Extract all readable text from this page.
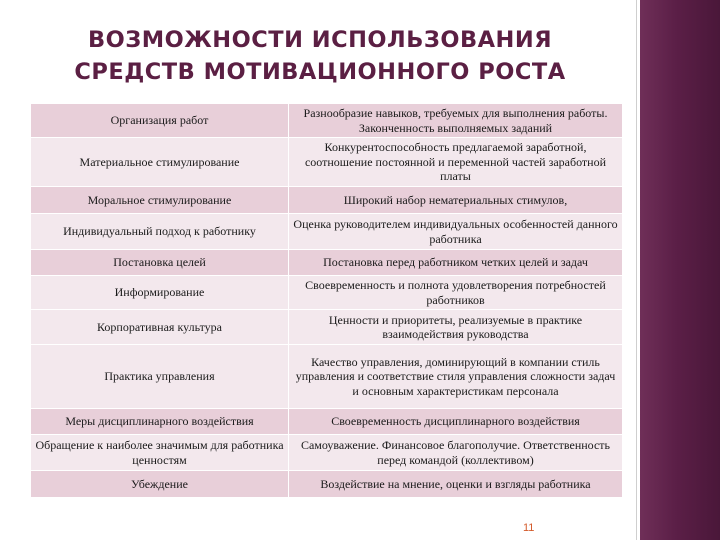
ВОЗМОЖНОСТИ ИСПОЛЬЗОВАНИЯ
СРЕДСТВ МОТИВАЦИОННОГО РОСТА
Организация работ	Разнообразие навыков, требуемых для выполнения работы. Законченность выполняемых заданий
Материальное стимулирование	Конкурентоспособность предлагаемой заработной, соотношение постоянной и переменной частей заработной платы
Моральное стимулирование	Широкий набор нематериальных стимулов,
Индивидуальный подход к работнику	Оценка руководителем индивидуальных особенностей данного работника
Постановка целей	Постановка перед работником четких целей и задач
Информирование	Своевременность и полнота удовлетворения потребностей работников
Корпоративная культура	Ценности и приоритеты, реализуемые в практике взаимодействия руководства
Практика управления	Качество управления, доминирующий в компании стиль управления и соответствие стиля управления сложности задач и основным характеристикам персонала
Меры дисциплинарного воздействия	Своевременность дисциплинарного воздействия
Обращение к наиболее значимым для работника ценностям	Самоуважение. Финансовое благополучие. Ответственность перед командой (коллективом)
Убеждение	Воздействие на мнение, оценки и взгляды работника
11
